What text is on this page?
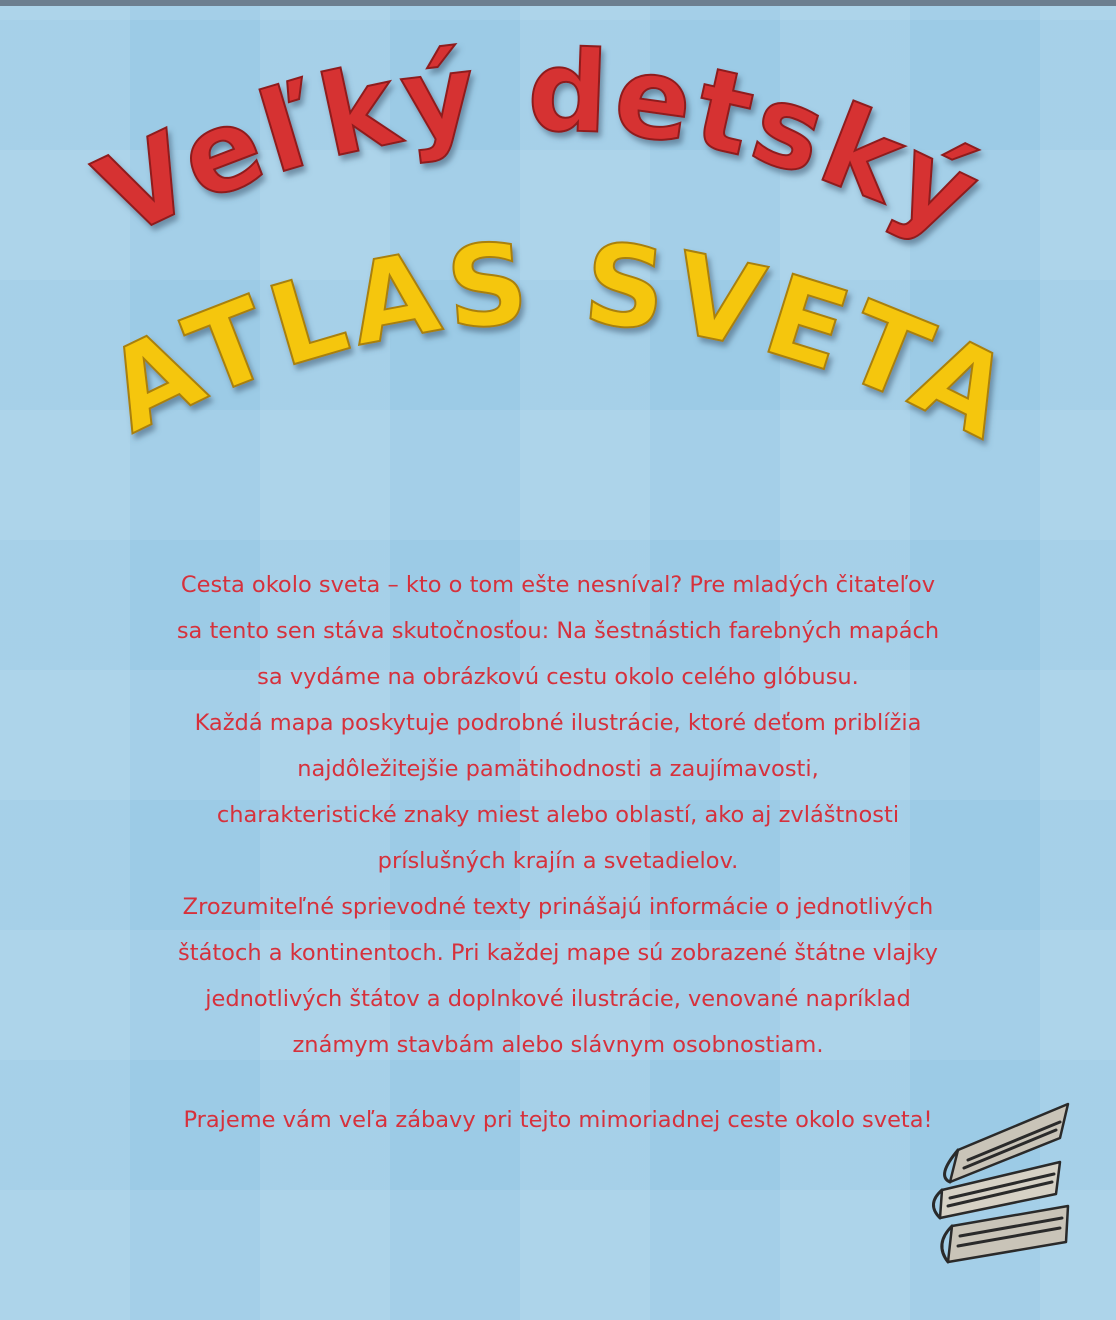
Veľký detský
ATLAS SVETA
Cesta okolo sveta – kto o tom ešte nesníval? Pre mladých čitateľov
sa tento sen stáva skutočnosťou: Na šestnástich farebných mapách
sa vydáme na obrázkovú cestu okolo celého glóbusu.
Každá mapa poskytuje podrobné ilustrácie, ktoré deťom priblížia
najdôležitejšie pamätihodnosti a zaujímavosti,
charakteristické znaky miest alebo oblastí, ako aj zvláštnosti
príslušných krajín a svetadielov.
Zrozumiteľné sprievodné texty prinášajú informácie o jednotlivých
štátoch a kontinentoch. Pri každej mape sú zobrazené štátne vlajky
jednotlivých štátov a doplnkové ilustrácie, venované napríklad
známym stavbám alebo slávnym osobnostiam.
Prajeme vám veľa zábavy pri tejto mimoriadnej ceste okolo sveta!
